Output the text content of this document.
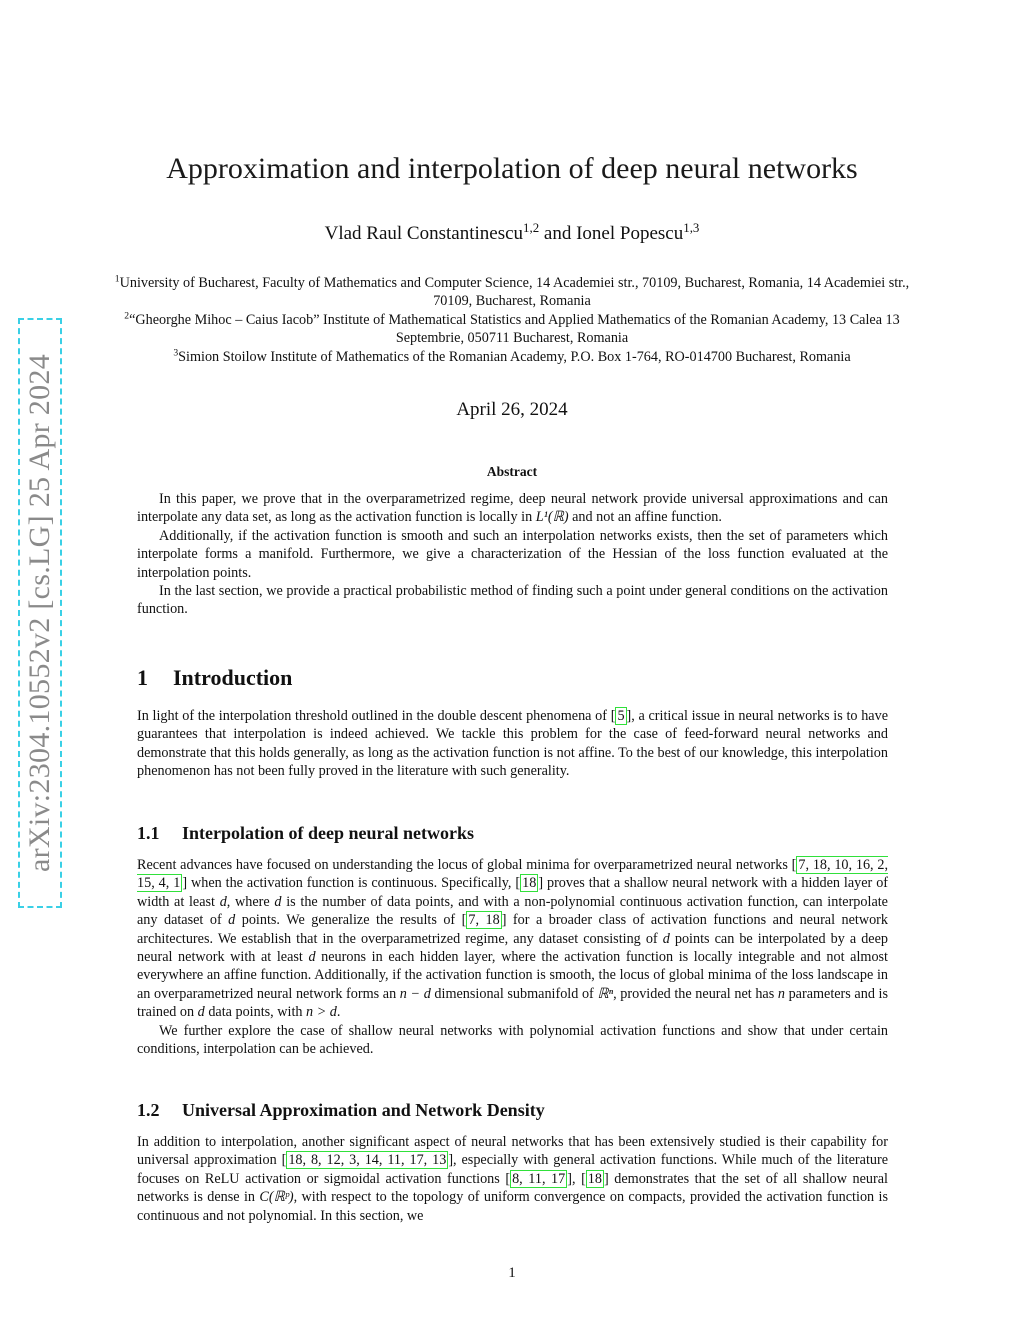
arXiv:2304.10552v2 [cs.LG] 25 Apr 2024
Approximation and interpolation of deep neural networks
Vlad Raul Constantinescu$^{1,2}$ and Ionel Popescu$^{1,3}$
$^1$University of Bucharest, Faculty of Mathematics and Computer Science, 14 Academiei str., 70109, Bucharest, Romania, 14 Academiei str., 70109, Bucharest, Romania
$^2$“Gheorghe Mihoc – Caius Iacob” Institute of Mathematical Statistics and Applied Mathematics of the Romanian Academy, 13 Calea 13 Septembrie, 050711 Bucharest, Romania
$^3$Simion Stoilow Institute of Mathematics of the Romanian Academy, P.O. Box 1-764, RO-014700 Bucharest, Romania
April 26, 2024
Abstract

In this paper, we prove that in the overparametrized regime, deep neural network provide universal approximations and can interpolate any data set, as long as the activation function is locally in L¹(ℝ) and not an affine function.

Additionally, if the activation function is smooth and such an interpolation networks exists, then the set of parameters which interpolate forms a manifold. Furthermore, we give a characterization of the Hessian of the loss function evaluated at the interpolation points.

In the last section, we provide a practical probabilistic method of finding such a point under general conditions on the activation function.

1 Introduction

In light of the interpolation threshold outlined in the double descent phenomena of [ 5 ], a critical issue in neural networks is to have guarantees that interpolation is indeed achieved. We tackle this problem for the case of feed-forward neural networks and demonstrate that this holds generally, as long as the activation function is not affine. To the best of our knowledge, this interpolation phenomenon has not been fully proved in the literature with such generality.

1.1 Interpolation of deep neural networks

Recent advances have focused on understanding the locus of global minima for overparametrized neural networks [ 7, 18, 10, 16, 2, 15, 4, 1 ] when the activation function is continuous. Specifically, [ 18 ] proves that a shallow neural network with a hidden layer of width at least d, where d is the number of data points, and with a non-polynomial continuous activation function, can interpolate any dataset of d points. We generalize the results of [ 7, 18 ] for a broader class of activation functions and neural network architectures. We establish that in the overparametrized regime, any dataset consisting of d points can be interpolated by a deep neural network with at least d neurons in each hidden layer, where the activation function is locally integrable and not almost everywhere an affine function. Additionally, if the activation function is smooth, the locus of global minima of the loss landscape in an overparametrized neural network forms an n − d dimensional submanifold of ℝⁿ, provided the neural net has n parameters and is trained on d data points, with n > d.

We further explore the case of shallow neural networks with polynomial activation functions and show that under certain conditions, interpolation can be achieved.

1.2 Universal Approximation and Network Density

In addition to interpolation, another significant aspect of neural networks that has been extensively studied is their capability for universal approximation [ 18, 8, 12, 3, 14, 11, 17, 13 ], especially with general activation functions. While much of the literature focuses on ReLU activation or sigmoidal activation functions [ 8, 11, 17 ], [ 18 ] demonstrates that the set of all shallow neural networks is dense in C(ℝᵖ), with respect to the topology of uniform convergence on compacts, provided the activation function is continuous and not polynomial. In this section, we

1
